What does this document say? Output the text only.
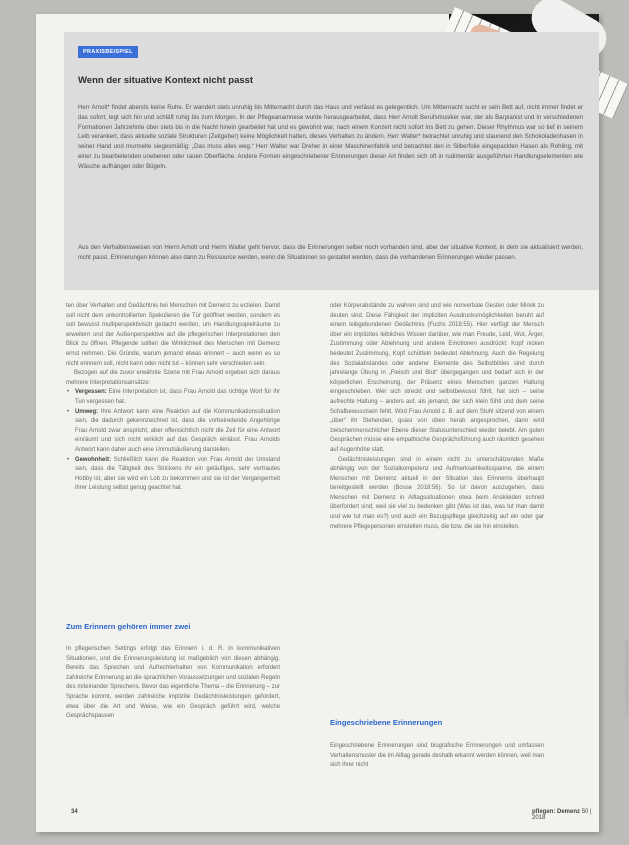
PRAXISBEISPIEL
Wenn der situative Kontext nicht passt

Herr Arnolt* findet abends keine Ruhe. Er wandert stets unruhig bis Mitternacht durch das Haus und verlässt es gelegentlich. Um Mitternacht sucht er sein Bett auf, nicht immer findet er das sofort, legt sich hin und schläft ruhig bis zum Morgen. In der Pflegeanamnese wurde herausgearbeitet, dass Herr Arnolt Berufsmusiker war, der als Barpianist und in verschiedenen Formationen Jahrzehnte über stets bis in die Nacht hinein gearbeitet hat und es gewohnt war, nach einem Konzert nicht sofort ins Bett zu gehen. Dieser Rhythmus war so tief in seinem Leib verankert, dass aktuelle soziale Strukturen (Zeitgeber) keine Möglichkeit hatten, dieses Verhalten zu ändern. Herr Walter* betrachtet unruhig und staunend den Schokoladenhasen in seiner Hand und murmelte siegesmäßig: „Das muss alles weg.“ Herr Walter war Dreher in einer Maschinenfabrik und betrachtet den in Silberfolie eingepackten Hasen als Rohling, mit einer zu bearbeitenden unebenen oder rauen Oberfläche. Andere Formen eingeschriebener Erinnerungen dieser Art finden sich oft in rudimentär ausgeführten Handlungselementen wie Wäsche aufhängen oder Bügeln.

Aus den Verhaltensweisen von Herrn Arnolt und Herrn Walter geht hervor, dass die Erinnerungen selber noch vorhanden sind, aber der situative Kontext, in dem sie aktualisiert werden, nicht passt. Erinnerungen können also dann zu Ressource werden, wenn die Situationen so gestaltet werden, dass die vorhandenen Erinnerungen wieder passen.

ten über Verhalten und Gedächtnis bei Menschen mit Demenz zu erzielen. Damit soll nicht dem unkontrollierten Spekulieren die Tür geöffnet werden, sondern es soll bewusst multiperspektivisch gedacht werden, um Handlungsspielräume zu erweitern und der Außenperspektive auf die pflegerischen Interpretationen den Blick zu öffnen. Pflegende sollten die Wirklichkeit des Menschen mit Demenz ernst nehmen. Die Gründe, warum jemand etwas erinnert – auch wenn es so nicht erinnern soll, nicht kann oder nicht tut – können sehr verschieden sein.

Bezogen auf die zuvor erwähnte Szene mit Frau Arnold ergeben sich daraus mehrere Interpretationsansätze:

• Vergessen: Eine Interpretation ist, dass Frau Arnold das richtige Wort für ihr Tun vergessen hat.
• Umweg: Ihre Antwort kann eine Reaktion auf die Kommunikationssituation sein, die dadurch gekennzeichnet ist, dass die vorbeiredende Angehörige Frau Arnold zwar anspricht, aber offensichtlich nicht die Zeit für eine Antwort einräumt und sich nicht wirklich auf das Gespräch einlässt. Frau Arnolds Antwort kann daher auch eine Unmutsäußerung darstellen.
• Gewohnheit: Schließlich kann die Reaktion von Frau Arnold der Umstand sein, dass die Tätigkeit des Strickens ihr ein geläufiges, sehr vertrautes Hobby ist, aber sie wird ein Lob zu bekommen und sie ist der Vergangenheit ihrer Leistung selbst genug geachtet hat.
Zum Erinnern gehören immer zwei

In pflegerischen Settings erfolgt das Erinnern i. d. R. in kommunikativen Situationen, und die Erinnerungsleistung ist maßgeblich von diesen abhängig. Bereits das Sprechen und Aufrechterhalten von Kommunikation erfordert zahlreiche Erinnerung an die sprachlichen Voraussetzungen und sozialen Regeln des miteinander Sprechens. Bevor das eigentliche Thema – die Erinnerung – zur Sprache kommt, werden zahlreiche implizite Gedächtnisleistungen gefordert, etwa über die Art und Weise, wie ein Gespräch geführt wird, welche Gesprächspausen

oder Körperabstände zu wahren sind und wie nonverbale Gesten oder Mimik zu deuten sind. Diese Fähigkeit der impliziten Ausdrucksmöglichkeiten beruht auf einem leibgebundenen Gedächtnis (Fuchs 2018:55). Hier verfügt der Mensch über ein implizites leibliches Wissen darüber, wie man Freude, Leid, Wut, Ärger, Zustimmung oder Ablehnung und andere Emotionen ausdrückt: Kopf nicken bedeutet Zustimmung, Kopf schütteln bedeutet Ablehnung. Auch die Regelung des Sozialabstandes oder anderer Elemente des Selbstbildes sind durch jahrelange Übung in „Fleisch und Blut“ übergegangen und bedarf sich in der körperlichen Erscheinung, der Präsenz eines Menschen ganzen Haltung eingeschrieben. Wer sich streckt und selbstbewusst fühlt, hat sich – seine aufrechte Haltung – anders auf, als jemand, der sich klein fühlt und dem seine Schafbewusstsein fehlt. Wird Frau Arnold z. B. auf dem Stuhl sitzend von einem „über“ ihr Stehenden, quasi von oben herab angesprochen, dann wird zwischenmenschlicher Ebene dieser Statusunterschied wieder belebt. Am guten Gesprächen müsse eine empathische Gesprächsführung auch räumlich gesehen auf Augenhöhe statt.

Gedächtnisleistungen sind in einem nicht zu unterschätzenden Maße abhängig von der Sozialkompetenz und Aufmerksamkeitsspanne, die einem Menschen mit Demenz aktuell in der Situation des Erinnerns überhaupt bereitgestellt werden (Bosse 2018:56). So ist davon auszugehen, dass Menschen mit Demenz in Alltagssituationen etwa beim Anskleiden schnell überfordert sind, weil sie viel zu bedenken gibt (Was ist das, was tut man damit und wie tut man es?) und auch ein Bezugspflege gleichzeitig auf ein oder gar mehrere Pflegepersonen einstellen muss, die bzw. die sie hin einstellen.

Eingeschriebene Erinnerungen

Eingeschriebene Erinnerungen sind biografische Erinnerungen und umfassen Verhaltensmuster die im Alltag gerade deshalb erkannt werden können, weil man sich ihrer nicht

Foto: Shutterstock/bennydinmyte Studio
34	pflegen: Demenz 50 | 2018
